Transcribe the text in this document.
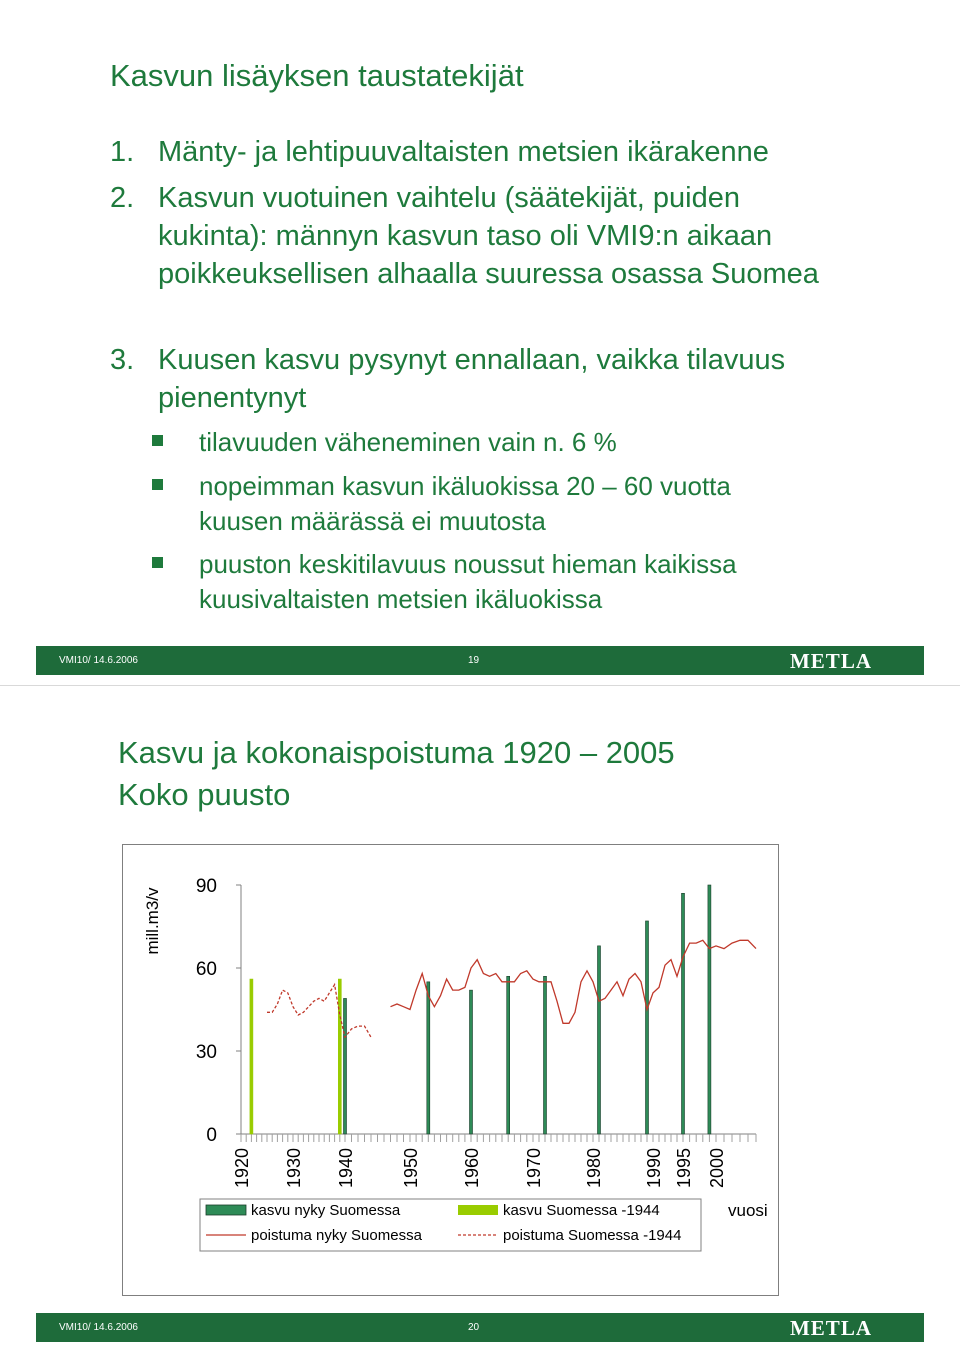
Kasvun lisäyksen taustatekijät
1. Mänty- ja lehtipuuvaltaisten metsien ikärakenne
2. Kasvun vuotuinen vaihtelu (säätekijät, puiden kukinta): männyn kasvun taso oli VMI9:n aikaan poikkeuksellisen alhaalla suuressa osassa Suomea
3. Kuusen kasvu pysynyt ennallaan, vaikka tilavuus pienentynyt
tilavuuden väheneminen vain n. 6 %
nopeimman kasvun ikäluokissa 20 – 60 vuotta kuusen määrässä ei muutosta
puuston keskitilavuus noussut hieman kaikissa kuusivaltaisten metsien ikäluokissa
VMI10/ 14.6.2006	19	METLA
Kasvu ja kokonaispoistuma 1920 – 2005
Koko puusto
0
30
60
90
mill.m3/v
1920 1930 1940	1950 1960 1970 1980 1990 1995 2000
vuosi
kasvu nyky Suomessa	kasvu Suomessa -1944
poistuma nyky Suomessa	poistuma Suomessa -1944
VMI10/ 14.6.2006	20	METLA
